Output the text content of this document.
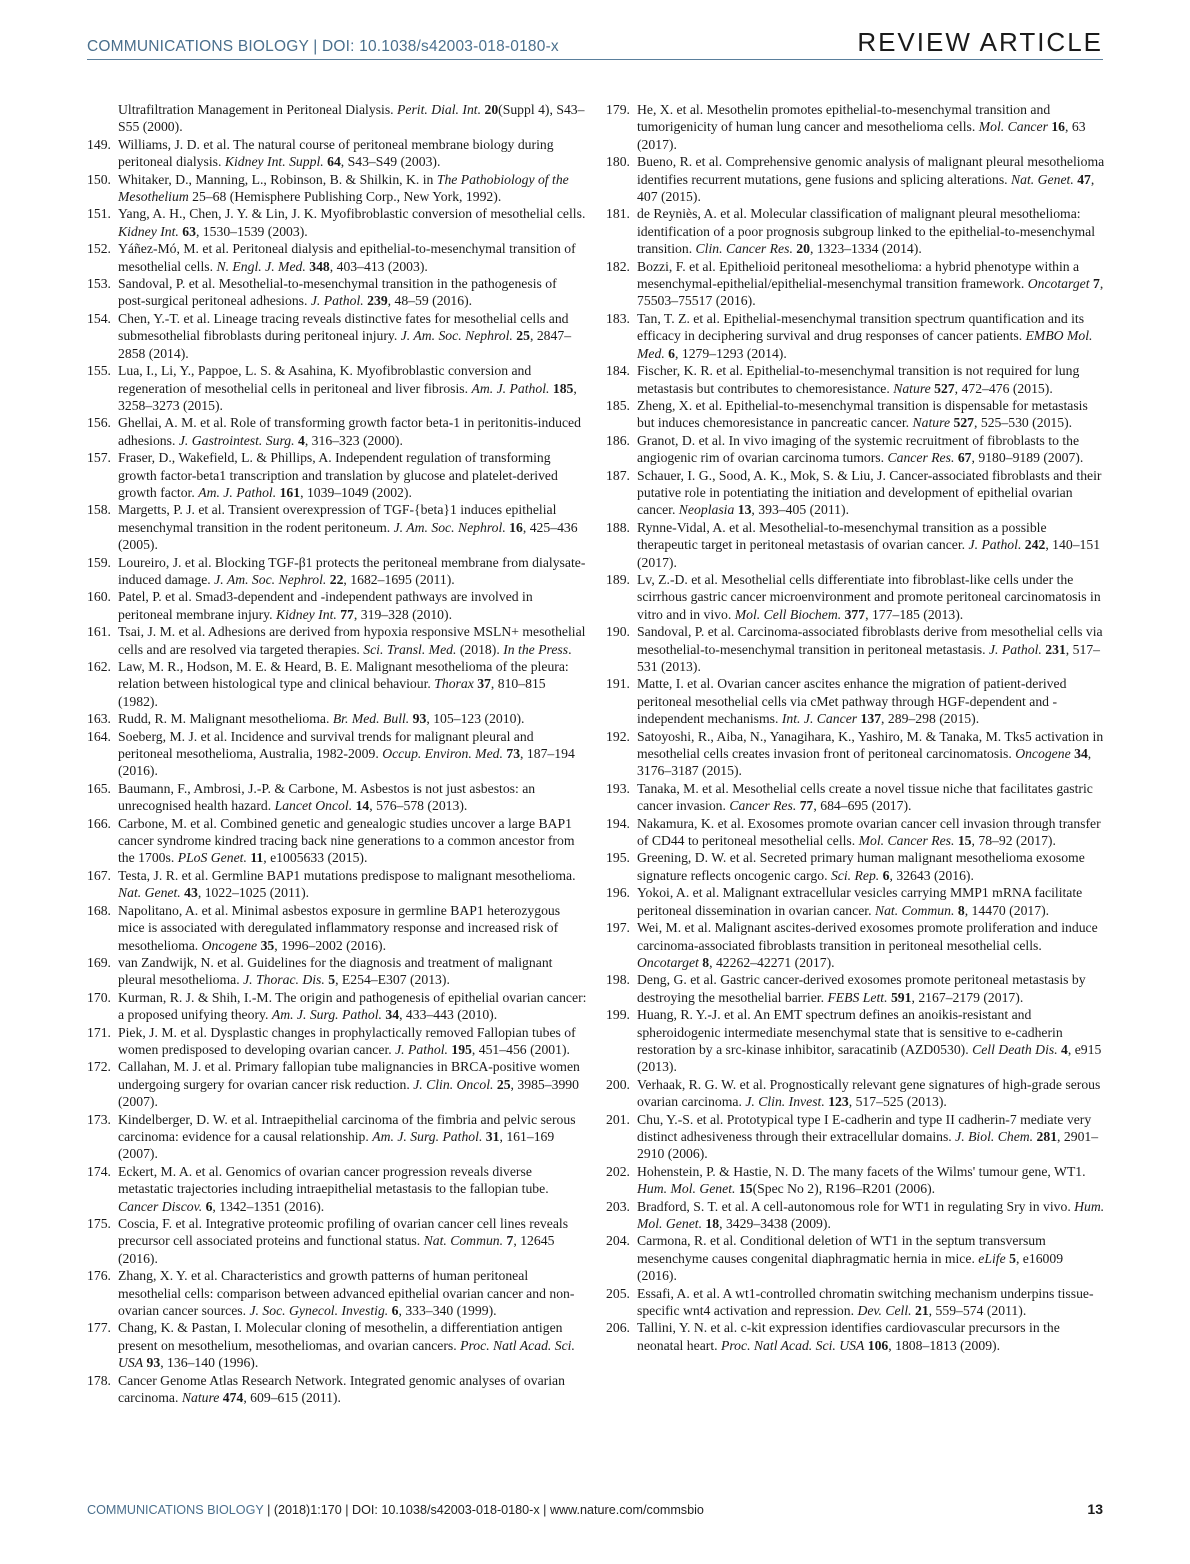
COMMUNICATIONS BIOLOGY | DOI: 10.1038/s42003-018-0180-x	REVIEW ARTICLE
Ultrafiltration Management in Peritoneal Dialysis. Perit. Dial. Int. 20(Suppl 4), S43–S55 (2000).
149. Williams, J. D. et al. The natural course of peritoneal membrane biology during peritoneal dialysis. Kidney Int. Suppl. 64, S43–S49 (2003).
150. Whitaker, D., Manning, L., Robinson, B. & Shilkin, K. in The Pathobiology of the Mesothelium 25–68 (Hemisphere Publishing Corp., New York, 1992).
151. Yang, A. H., Chen, J. Y. & Lin, J. K. Myofibroblastic conversion of mesothelial cells. Kidney Int. 63, 1530–1539 (2003).
152. Yáñez-Mó, M. et al. Peritoneal dialysis and epithelial-to-mesenchymal transition of mesothelial cells. N. Engl. J. Med. 348, 403–413 (2003).
153. Sandoval, P. et al. Mesothelial-to-mesenchymal transition in the pathogenesis of post-surgical peritoneal adhesions. J. Pathol. 239, 48–59 (2016).
154. Chen, Y.-T. et al. Lineage tracing reveals distinctive fates for mesothelial cells and submesothelial fibroblasts during peritoneal injury. J. Am. Soc. Nephrol. 25, 2847–2858 (2014).
155. Lua, I., Li, Y., Pappoe, L. S. & Asahina, K. Myofibroblastic conversion and regeneration of mesothelial cells in peritoneal and liver fibrosis. Am. J. Pathol. 185, 3258–3273 (2015).
156. Ghellai, A. M. et al. Role of transforming growth factor beta-1 in peritonitis-induced adhesions. J. Gastrointest. Surg. 4, 316–323 (2000).
157. Fraser, D., Wakefield, L. & Phillips, A. Independent regulation of transforming growth factor-beta1 transcription and translation by glucose and platelet-derived growth factor. Am. J. Pathol. 161, 1039–1049 (2002).
158. Margetts, P. J. et al. Transient overexpression of TGF-{beta}1 induces epithelial mesenchymal transition in the rodent peritoneum. J. Am. Soc. Nephrol. 16, 425–436 (2005).
159. Loureiro, J. et al. Blocking TGF-β1 protects the peritoneal membrane from dialysate-induced damage. J. Am. Soc. Nephrol. 22, 1682–1695 (2011).
160. Patel, P. et al. Smad3-dependent and -independent pathways are involved in peritoneal membrane injury. Kidney Int. 77, 319–328 (2010).
161. Tsai, J. M. et al. Adhesions are derived from hypoxia responsive MSLN+ mesothelial cells and are resolved via targeted therapies. Sci. Transl. Med. (2018). In the Press.
162. Law, M. R., Hodson, M. E. & Heard, B. E. Malignant mesothelioma of the pleura: relation between histological type and clinical behaviour. Thorax 37, 810–815 (1982).
163. Rudd, R. M. Malignant mesothelioma. Br. Med. Bull. 93, 105–123 (2010).
164. Soeberg, M. J. et al. Incidence and survival trends for malignant pleural and peritoneal mesothelioma, Australia, 1982-2009. Occup. Environ. Med. 73, 187–194 (2016).
165. Baumann, F., Ambrosi, J.-P. & Carbone, M. Asbestos is not just asbestos: an unrecognised health hazard. Lancet Oncol. 14, 576–578 (2013).
166. Carbone, M. et al. Combined genetic and genealogic studies uncover a large BAP1 cancer syndrome kindred tracing back nine generations to a common ancestor from the 1700s. PLoS Genet. 11, e1005633 (2015).
167. Testa, J. R. et al. Germline BAP1 mutations predispose to malignant mesothelioma. Nat. Genet. 43, 1022–1025 (2011).
168. Napolitano, A. et al. Minimal asbestos exposure in germline BAP1 heterozygous mice is associated with deregulated inflammatory response and increased risk of mesothelioma. Oncogene 35, 1996–2002 (2016).
169. van Zandwijk, N. et al. Guidelines for the diagnosis and treatment of malignant pleural mesothelioma. J. Thorac. Dis. 5, E254–E307 (2013).
170. Kurman, R. J. & Shih, I.-M. The origin and pathogenesis of epithelial ovarian cancer: a proposed unifying theory. Am. J. Surg. Pathol. 34, 433–443 (2010).
171. Piek, J. M. et al. Dysplastic changes in prophylactically removed Fallopian tubes of women predisposed to developing ovarian cancer. J. Pathol. 195, 451–456 (2001).
172. Callahan, M. J. et al. Primary fallopian tube malignancies in BRCA-positive women undergoing surgery for ovarian cancer risk reduction. J. Clin. Oncol. 25, 3985–3990 (2007).
173. Kindelberger, D. W. et al. Intraepithelial carcinoma of the fimbria and pelvic serous carcinoma: evidence for a causal relationship. Am. J. Surg. Pathol. 31, 161–169 (2007).
174. Eckert, M. A. et al. Genomics of ovarian cancer progression reveals diverse metastatic trajectories including intraepithelial metastasis to the fallopian tube. Cancer Discov. 6, 1342–1351 (2016).
175. Coscia, F. et al. Integrative proteomic profiling of ovarian cancer cell lines reveals precursor cell associated proteins and functional status. Nat. Commun. 7, 12645 (2016).
176. Zhang, X. Y. et al. Characteristics and growth patterns of human peritoneal mesothelial cells: comparison between advanced epithelial ovarian cancer and non-ovarian cancer sources. J. Soc. Gynecol. Investig. 6, 333–340 (1999).
177. Chang, K. & Pastan, I. Molecular cloning of mesothelin, a differentiation antigen present on mesothelium, mesotheliomas, and ovarian cancers. Proc. Natl Acad. Sci. USA 93, 136–140 (1996).
178. Cancer Genome Atlas Research Network. Integrated genomic analyses of ovarian carcinoma. Nature 474, 609–615 (2011).
179. He, X. et al. Mesothelin promotes epithelial-to-mesenchymal transition and tumorigenicity of human lung cancer and mesothelioma cells. Mol. Cancer 16, 63 (2017).
180. Bueno, R. et al. Comprehensive genomic analysis of malignant pleural mesothelioma identifies recurrent mutations, gene fusions and splicing alterations. Nat. Genet. 47, 407 (2015).
181. de Reyniès, A. et al. Molecular classification of malignant pleural mesothelioma: identification of a poor prognosis subgroup linked to the epithelial-to-mesenchymal transition. Clin. Cancer Res. 20, 1323–1334 (2014).
182. Bozzi, F. et al. Epithelioid peritoneal mesothelioma: a hybrid phenotype within a mesenchymal-epithelial/epithelial-mesenchymal transition framework. Oncotarget 7, 75503–75517 (2016).
183. Tan, T. Z. et al. Epithelial-mesenchymal transition spectrum quantification and its efficacy in deciphering survival and drug responses of cancer patients. EMBO Mol. Med. 6, 1279–1293 (2014).
184. Fischer, K. R. et al. Epithelial-to-mesenchymal transition is not required for lung metastasis but contributes to chemoresistance. Nature 527, 472–476 (2015).
185. Zheng, X. et al. Epithelial-to-mesenchymal transition is dispensable for metastasis but induces chemoresistance in pancreatic cancer. Nature 527, 525–530 (2015).
186. Granot, D. et al. In vivo imaging of the systemic recruitment of fibroblasts to the angiogenic rim of ovarian carcinoma tumors. Cancer Res. 67, 9180–9189 (2007).
187. Schauer, I. G., Sood, A. K., Mok, S. & Liu, J. Cancer-associated fibroblasts and their putative role in potentiating the initiation and development of epithelial ovarian cancer. Neoplasia 13, 393–405 (2011).
188. Rynne-Vidal, A. et al. Mesothelial-to-mesenchymal transition as a possible therapeutic target in peritoneal metastasis of ovarian cancer. J. Pathol. 242, 140–151 (2017).
189. Lv, Z.-D. et al. Mesothelial cells differentiate into fibroblast-like cells under the scirrhous gastric cancer microenvironment and promote peritoneal carcinomatosis in vitro and in vivo. Mol. Cell Biochem. 377, 177–185 (2013).
190. Sandoval, P. et al. Carcinoma-associated fibroblasts derive from mesothelial cells via mesothelial-to-mesenchymal transition in peritoneal metastasis. J. Pathol. 231, 517–531 (2013).
191. Matte, I. et al. Ovarian cancer ascites enhance the migration of patient-derived peritoneal mesothelial cells via cMet pathway through HGF-dependent and -independent mechanisms. Int. J. Cancer 137, 289–298 (2015).
192. Satoyoshi, R., Aiba, N., Yanagihara, K., Yashiro, M. & Tanaka, M. Tks5 activation in mesothelial cells creates invasion front of peritoneal carcinomatosis. Oncogene 34, 3176–3187 (2015).
193. Tanaka, M. et al. Mesothelial cells create a novel tissue niche that facilitates gastric cancer invasion. Cancer Res. 77, 684–695 (2017).
194. Nakamura, K. et al. Exosomes promote ovarian cancer cell invasion through transfer of CD44 to peritoneal mesothelial cells. Mol. Cancer Res. 15, 78–92 (2017).
195. Greening, D. W. et al. Secreted primary human malignant mesothelioma exosome signature reflects oncogenic cargo. Sci. Rep. 6, 32643 (2016).
196. Yokoi, A. et al. Malignant extracellular vesicles carrying MMP1 mRNA facilitate peritoneal dissemination in ovarian cancer. Nat. Commun. 8, 14470 (2017).
197. Wei, M. et al. Malignant ascites-derived exosomes promote proliferation and induce carcinoma-associated fibroblasts transition in peritoneal mesothelial cells. Oncotarget 8, 42262–42271 (2017).
198. Deng, G. et al. Gastric cancer-derived exosomes promote peritoneal metastasis by destroying the mesothelial barrier. FEBS Lett. 591, 2167–2179 (2017).
199. Huang, R. Y.-J. et al. An EMT spectrum defines an anoikis-resistant and spheroidogenic intermediate mesenchymal state that is sensitive to e-cadherin restoration by a src-kinase inhibitor, saracatinib (AZD0530). Cell Death Dis. 4, e915 (2013).
200. Verhaak, R. G. W. et al. Prognostically relevant gene signatures of high-grade serous ovarian carcinoma. J. Clin. Invest. 123, 517–525 (2013).
201. Chu, Y.-S. et al. Prototypical type I E-cadherin and type II cadherin-7 mediate very distinct adhesiveness through their extracellular domains. J. Biol. Chem. 281, 2901–2910 (2006).
202. Hohenstein, P. & Hastie, N. D. The many facets of the Wilms' tumour gene, WT1. Hum. Mol. Genet. 15(Spec No 2), R196–R201 (2006).
203. Bradford, S. T. et al. A cell-autonomous role for WT1 in regulating Sry in vivo. Hum. Mol. Genet. 18, 3429–3438 (2009).
204. Carmona, R. et al. Conditional deletion of WT1 in the septum transversum mesenchyme causes congenital diaphragmatic hernia in mice. eLife 5, e16009 (2016).
205. Essafi, A. et al. A wt1-controlled chromatin switching mechanism underpins tissue-specific wnt4 activation and repression. Dev. Cell. 21, 559–574 (2011).
206. Tallini, Y. N. et al. c-kit expression identifies cardiovascular precursors in the neonatal heart. Proc. Natl Acad. Sci. USA 106, 1808–1813 (2009).
COMMUNICATIONS BIOLOGY | (2018)1:170 | DOI: 10.1038/s42003-018-0180-x | www.nature.com/commsbio	13
